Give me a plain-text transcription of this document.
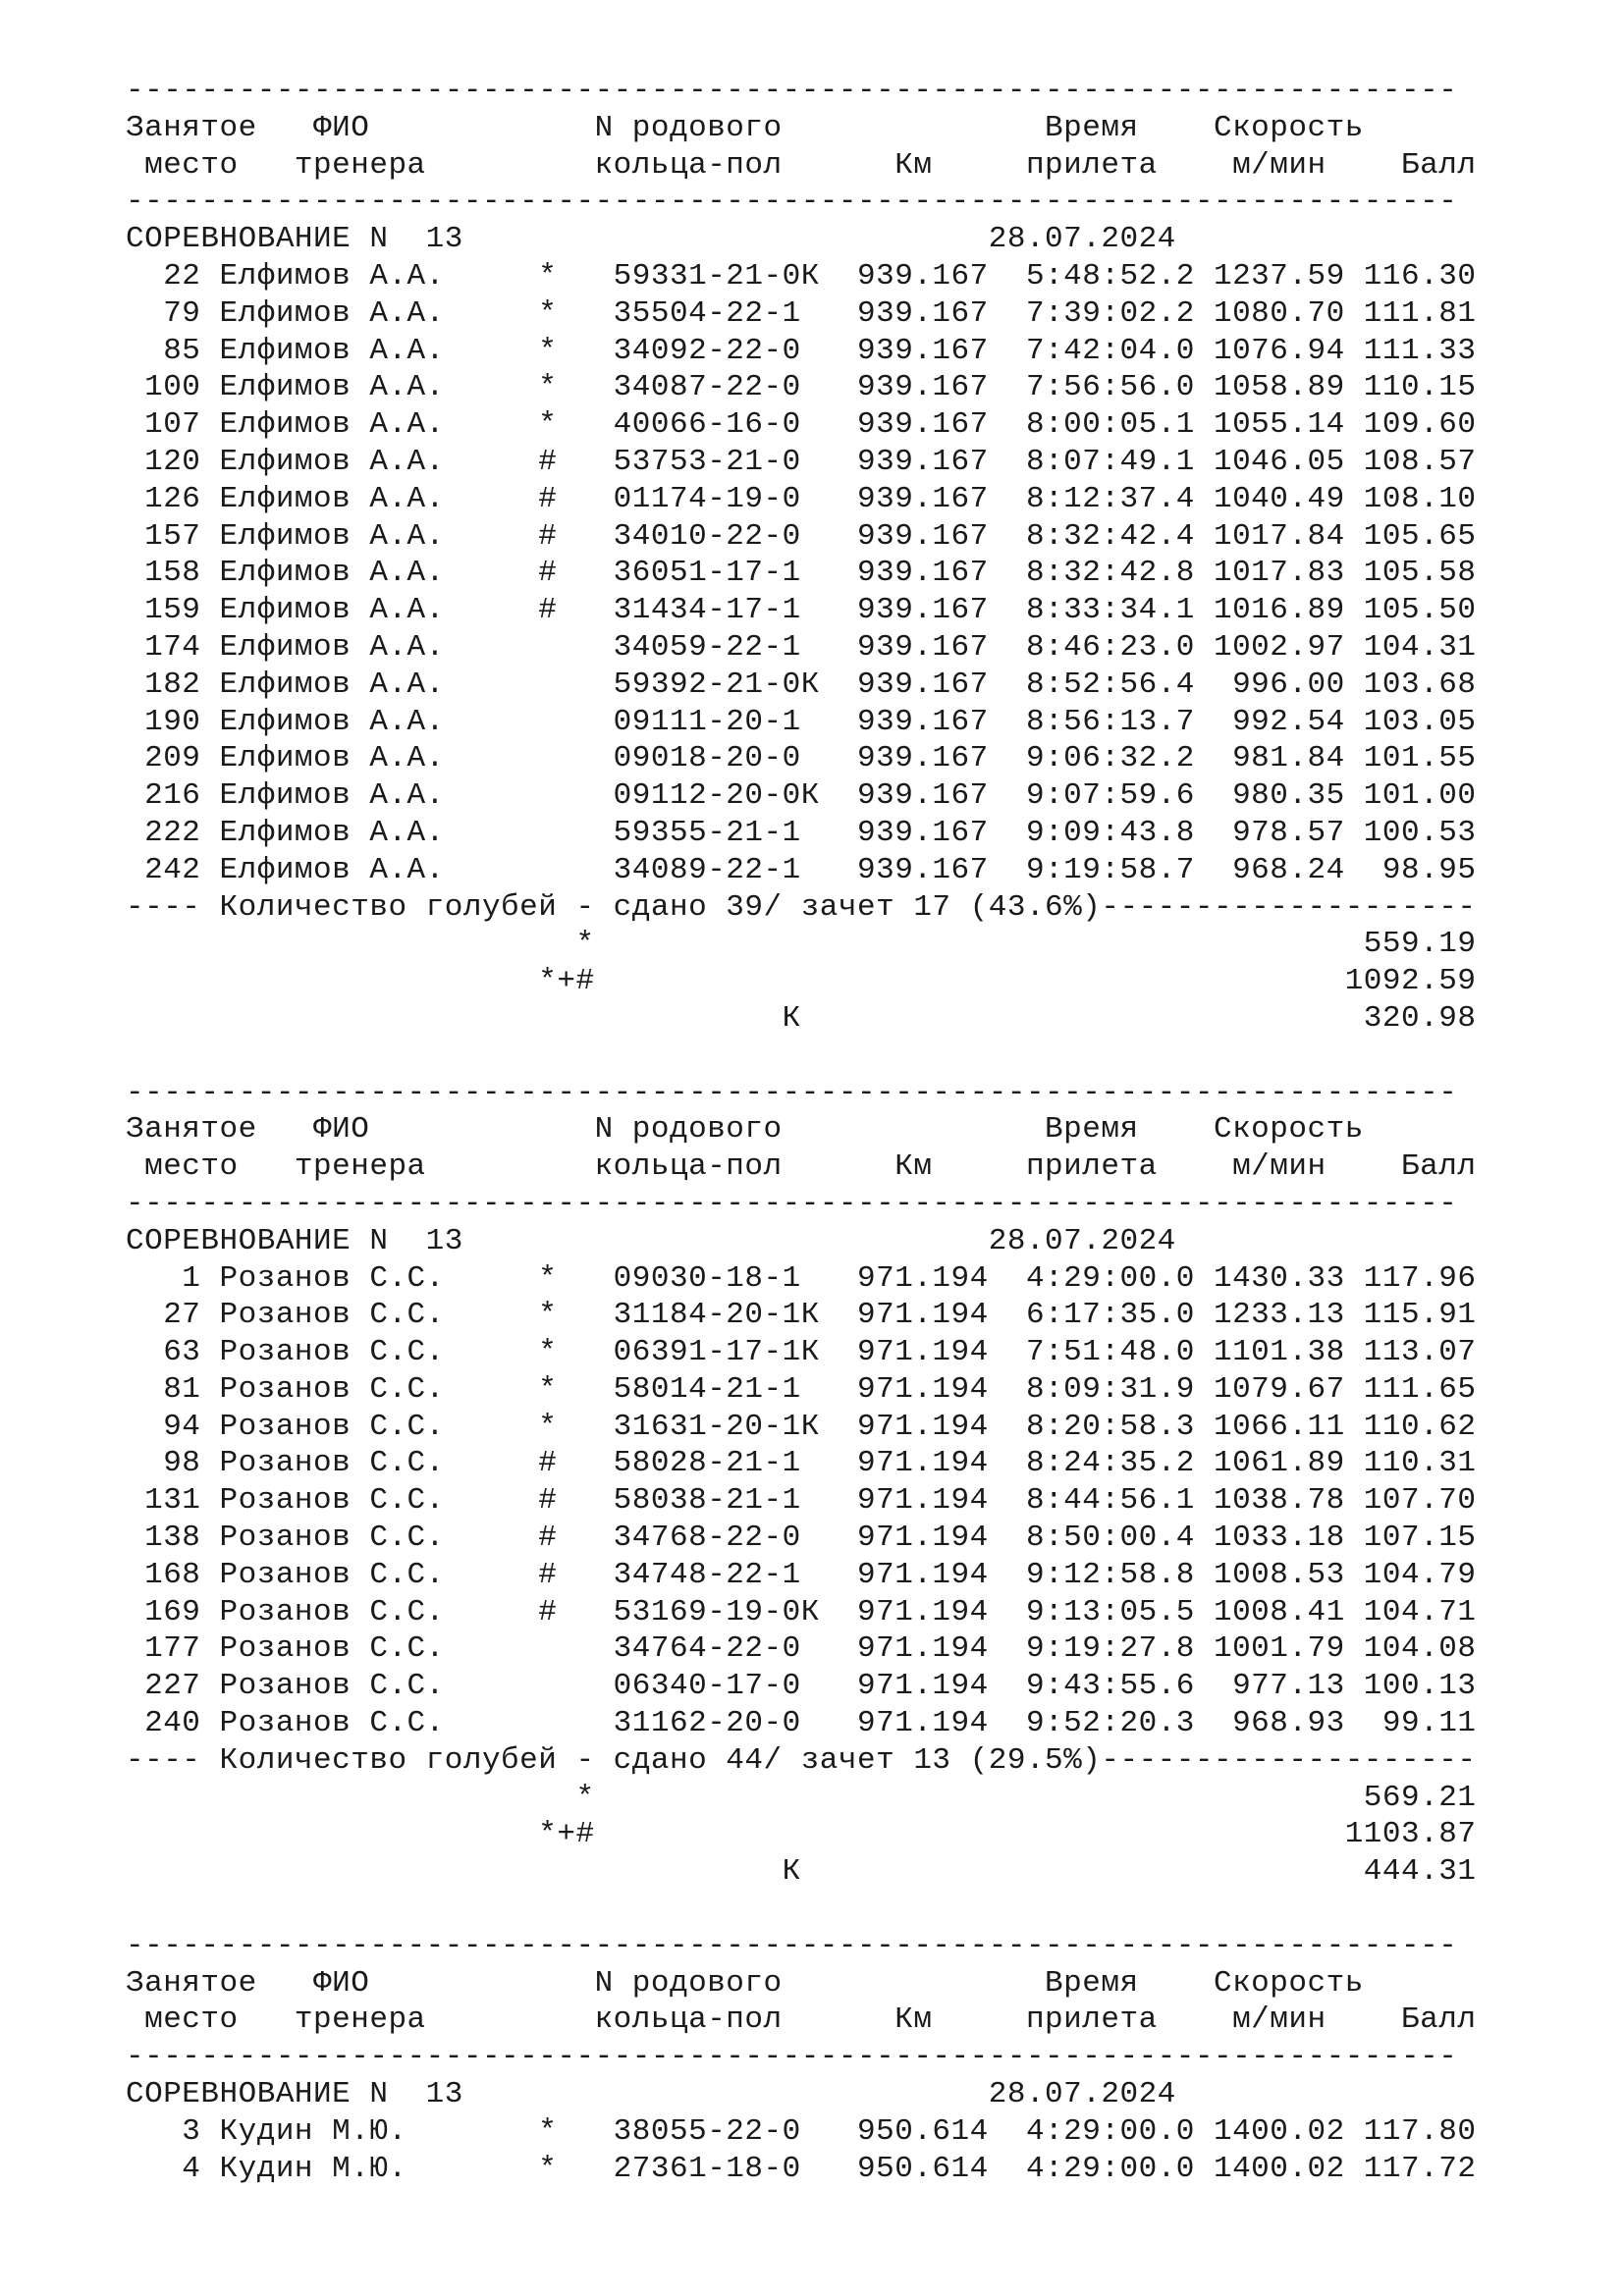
-----------------------------------------------------------------------
Занятое   ФИО            N родового              Время    Скорость
место   тренера         кольца-пол      Км     прилета    м/мин    Балл
-----------------------------------------------------------------------
СОРЕВНОВАНИЕ N  13                            28.07.2024
22 Елфимов А.А.     *   59331-21-0К  939.167  5:48:52.2 1237.59 116.30
79 Елфимов А.А.     *   35504-22-1   939.167  7:39:02.2 1080.70 111.81
85 Елфимов А.А.     *   34092-22-0   939.167  7:42:04.0 1076.94 111.33
100 Елфимов А.А.     *   34087-22-0   939.167  7:56:56.0 1058.89 110.15
107 Елфимов А.А.     *   40066-16-0   939.167  8:00:05.1 1055.14 109.60
120 Елфимов А.А.     #   53753-21-0   939.167  8:07:49.1 1046.05 108.57
126 Елфимов А.А.     #   01174-19-0   939.167  8:12:37.4 1040.49 108.10
157 Елфимов А.А.     #   34010-22-0   939.167  8:32:42.4 1017.84 105.65
158 Елфимов А.А.     #   36051-17-1   939.167  8:32:42.8 1017.83 105.58
159 Елфимов А.А.     #   31434-17-1   939.167  8:33:34.1 1016.89 105.50
174 Елфимов А.А.         34059-22-1   939.167  8:46:23.0 1002.97 104.31
182 Елфимов А.А.         59392-21-0К  939.167  8:52:56.4  996.00 103.68
190 Елфимов А.А.         09111-20-1   939.167  8:56:13.7  992.54 103.05
209 Елфимов А.А.         09018-20-0   939.167  9:06:32.2  981.84 101.55
216 Елфимов А.А.         09112-20-0К  939.167  9:07:59.6  980.35 101.00
222 Елфимов А.А.         59355-21-1   939.167  9:09:43.8  978.57 100.53
242 Елфимов А.А.         34089-22-1   939.167  9:19:58.7  968.24  98.95
---- Количество голубей - сдано 39/ зачет 17 (43.6%)--------------------
*                                         559.19
*+#                                        1092.59
К                              320.98
-----------------------------------------------------------------------
Занятое   ФИО            N родового              Время    Скорость
место   тренера         кольца-пол      Км     прилета    м/мин    Балл
-----------------------------------------------------------------------
СОРЕВНОВАНИЕ N  13                            28.07.2024
1 Розанов С.С.     *   09030-18-1   971.194  4:29:00.0 1430.33 117.96
27 Розанов С.С.     *   31184-20-1К  971.194  6:17:35.0 1233.13 115.91
63 Розанов С.С.     *   06391-17-1К  971.194  7:51:48.0 1101.38 113.07
81 Розанов С.С.     *   58014-21-1   971.194  8:09:31.9 1079.67 111.65
94 Розанов С.С.     *   31631-20-1К  971.194  8:20:58.3 1066.11 110.62
98 Розанов С.С.     #   58028-21-1   971.194  8:24:35.2 1061.89 110.31
131 Розанов С.С.     #   58038-21-1   971.194  8:44:56.1 1038.78 107.70
138 Розанов С.С.     #   34768-22-0   971.194  8:50:00.4 1033.18 107.15
168 Розанов С.С.     #   34748-22-1   971.194  9:12:58.8 1008.53 104.79
169 Розанов С.С.     #   53169-19-0К  971.194  9:13:05.5 1008.41 104.71
177 Розанов С.С.         34764-22-0   971.194  9:19:27.8 1001.79 104.08
227 Розанов С.С.         06340-17-0   971.194  9:43:55.6  977.13 100.13
240 Розанов С.С.         31162-20-0   971.194  9:52:20.3  968.93  99.11
---- Количество голубей - сдано 44/ зачет 13 (29.5%)--------------------
*                                         569.21
*+#                                        1103.87
К                              444.31
-----------------------------------------------------------------------
Занятое   ФИО            N родового              Время    Скорость
место   тренера         кольца-пол      Км     прилета    м/мин    Балл
-----------------------------------------------------------------------
СОРЕВНОВАНИЕ N  13                            28.07.2024
3 Кудин М.Ю.       *   38055-22-0   950.614  4:29:00.0 1400.02 117.80
4 Кудин М.Ю.       *   27361-18-0   950.614  4:29:00.0 1400.02 117.72
